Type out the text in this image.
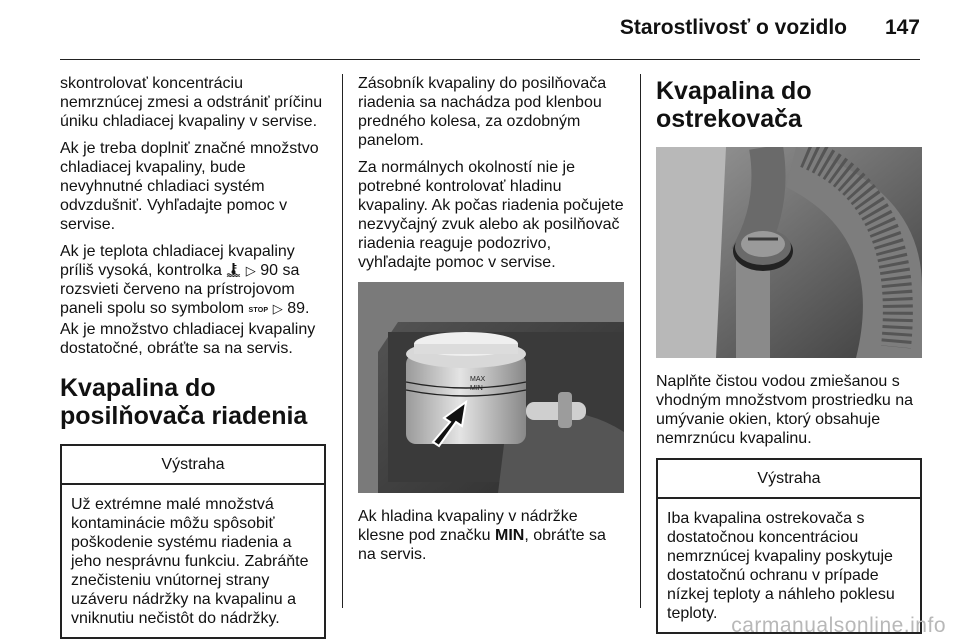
Starostlivosť o vozidlo 147

skontrolovať koncentráciu nemrznúcej zmesi a odstrániť príčinu úniku chladiacej kvapaliny v servise.

Ak je treba doplniť značné množstvo chladiacej kvapaliny, bude nevyhnutné chladiaci systém odvzdušniť. Vyhľadajte pomoc v servise.

Ak je teplota chladiacej kvapaliny príliš vysoká, kontrolka ▷ 90 sa rozsvieti červeno na prístrojovom paneli spolu so symbolom STOP ▷ 89. Ak je množstvo chladiacej kvapaliny dostatočné, obráťte sa na servis.

Kvapalina do posilňovača riadenia
Výstraha

Už extrémne malé množstvá kontaminácie môžu spôsobiť poškodenie systému riadenia a jeho nesprávnu funkciu. Zabráňte znečisteniu vnútornej strany uzáveru nádržky na kvapalinu a vniknutiu nečistôt do nádržky.

Zásobník kvapaliny do posilňovača riadenia sa nachádza pod klenbou predného kolesa, za ozdobným panelom.

Za normálnych okolností nie je potrebné kontrolovať hladinu kvapaliny. Ak počas riadenia počujete nezvyčajný zvuk alebo ak posilňovač riadenia reaguje podozrivo, vyhľadajte pomoc v servise.

MAX
MIN

Ak hladina kvapaliny v nádržke klesne pod značku MIN, obráťte sa na servis.

Kvapalina do ostrekovača

Naplňte čistou vodou zmiešanou s vhodným množstvom prostriedku na umývanie okien, ktorý obsahuje nemrznúcu kvapalinu.

Výstraha

Iba kvapalina ostrekovača s dostatočnou koncentráciou nemrznúcej kvapaliny poskytuje dostatočnú ochranu v prípade nízkej teploty a náhleho poklesu teploty.

carmanualsonline.info
